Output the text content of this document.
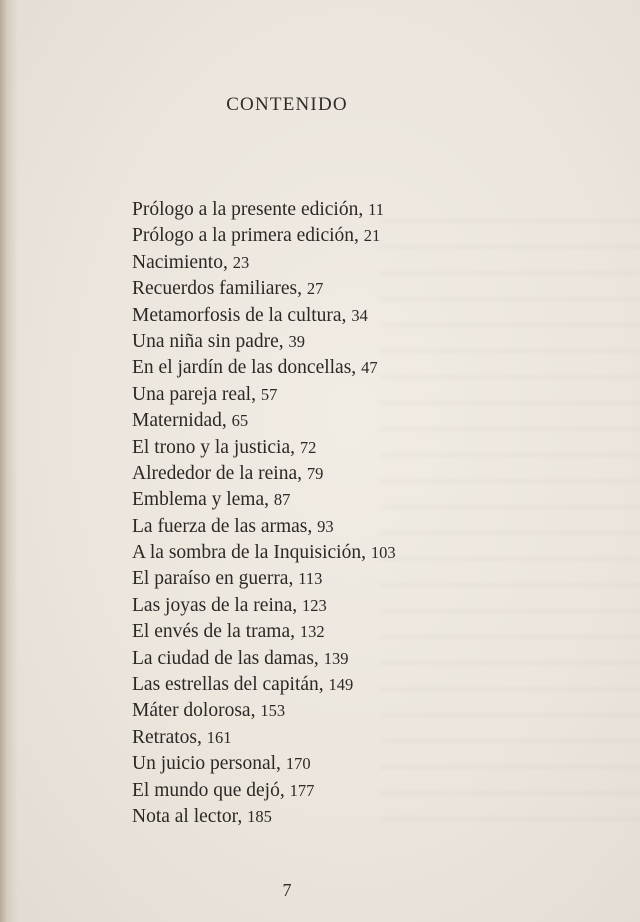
CONTENIDO
Prólogo a la presente edición, 11
Prólogo a la primera edición, 21
Nacimiento, 23
Recuerdos familiares, 27
Metamorfosis de la cultura, 34
Una niña sin padre, 39
En el jardín de las doncellas, 47
Una pareja real, 57
Maternidad, 65
El trono y la justicia, 72
Alrededor de la reina, 79
Emblema y lema, 87
La fuerza de las armas, 93
A la sombra de la Inquisición, 103
El paraíso en guerra, 113
Las joyas de la reina, 123
El envés de la trama, 132
La ciudad de las damas, 139
Las estrellas del capitán, 149
Máter dolorosa, 153
Retratos, 161
Un juicio personal, 170
El mundo que dejó, 177
Nota al lector, 185
7
